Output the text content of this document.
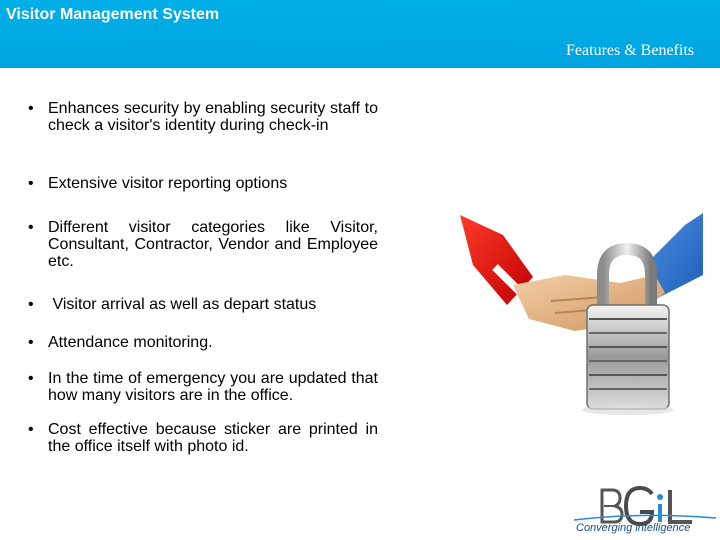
Visitor Management System
Features & Benefits
• Enhances security by enabling security staff to check a visitor's identity during check-in
• Extensive visitor reporting options
• Different visitor categories like Visitor, Consultant, Contractor, Vendor and Employee etc.
• Visitor arrival as well as depart status
• Attendance monitoring.
• In the time of emergency you are updated that how many visitors are in the office.
• Cost effective because sticker are printed in the office itself with photo id.
Converging intelligence
